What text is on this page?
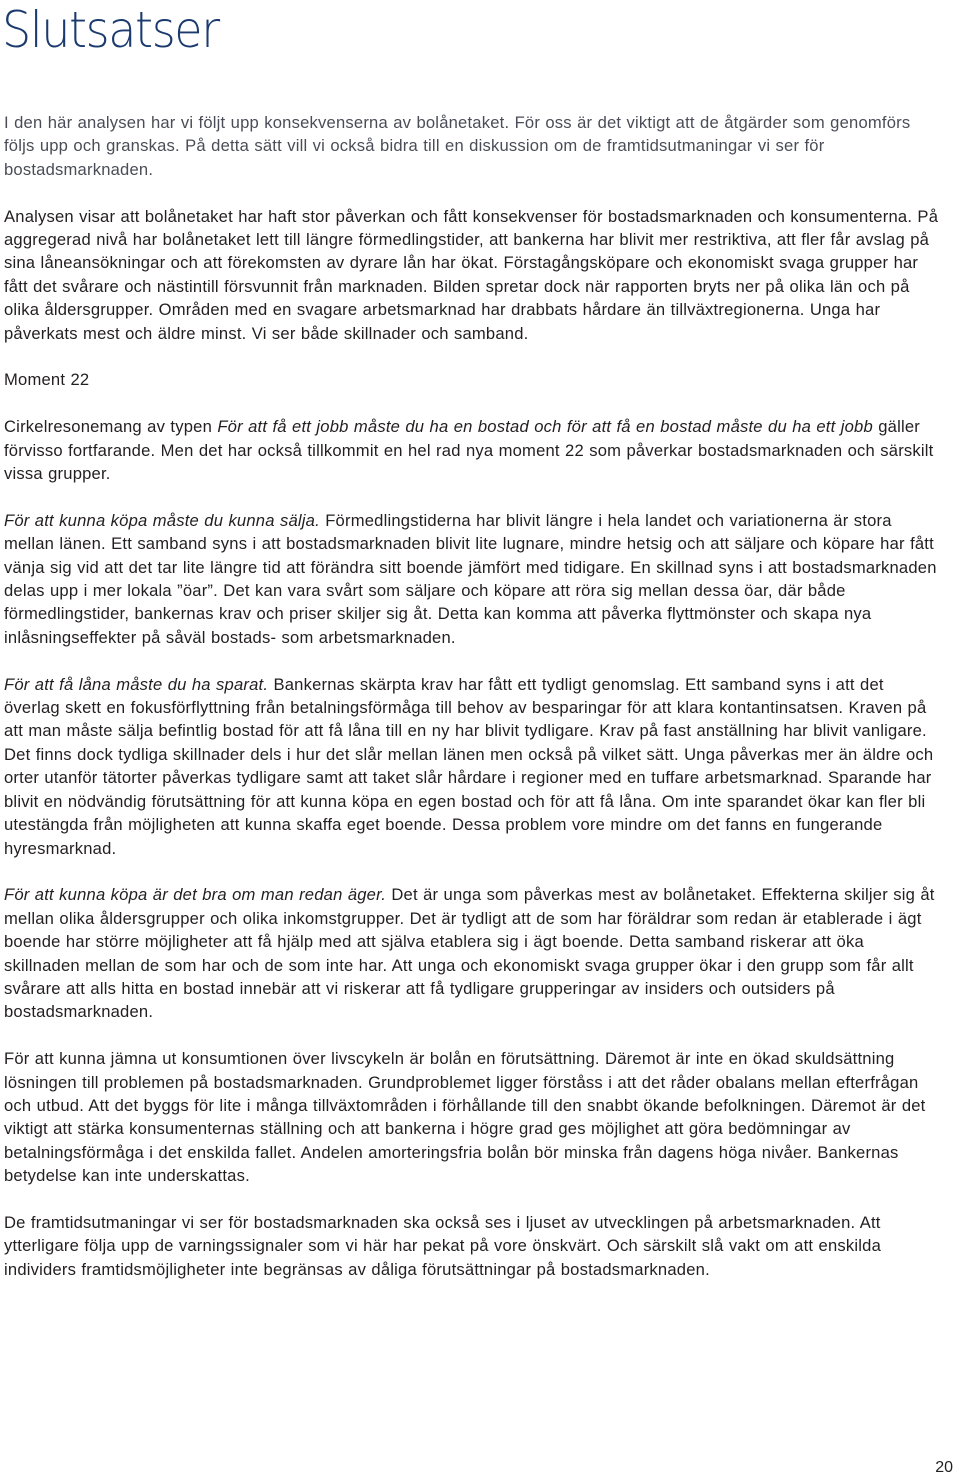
Slutsatser

I den här analysen har vi följt upp konsekvenserna av bolånetaket. För oss är det viktigt att de åtgärder som genomförs följs upp och granskas. På detta sätt vill vi också bidra till en diskussion om de framtidsutmaningar vi ser för bostadsmarknaden.

Analysen visar att bolånetaket har haft stor påverkan och fått konsekvenser för bostadsmarknaden och konsumenterna. På aggregerad nivå har bolånetaket lett till längre förmedlingstider, att bankerna har blivit mer restriktiva, att fler får avslag på sina låneansökningar och att förekomsten av dyrare lån har ökat. Förstagångsköpare och ekonomiskt svaga grupper har fått det svårare och nästintill försvunnit från marknaden. Bilden spretar dock när rapporten bryts ner på olika län och på olika åldersgrupper. Områden med en svagare arbetsmarknad har drabbats hårdare än tillväxtregionerna. Unga har påverkats mest och äldre minst. Vi ser både skillnader och samband.

Moment 22

Cirkelresonemang av typen För att få ett jobb måste du ha en bostad och för att få en bostad måste du ha ett jobb gäller förvisso fortfarande. Men det har också tillkommit en hel rad nya moment 22 som påverkar bostadsmarknaden och särskilt vissa grupper.

För att kunna köpa måste du kunna sälja. Förmedlingstiderna har blivit längre i hela landet och variationerna är stora mellan länen. Ett samband syns i att bostadsmarknaden blivit lite lugnare, mindre hetsig och att säljare och köpare har fått vänja sig vid att det tar lite längre tid att förändra sitt boende jämfört med tidigare. En skillnad syns i att bostadsmarknaden delas upp i mer lokala ”öar”. Det kan vara svårt som säljare och köpare att röra sig mellan dessa öar, där både förmedlingstider, bankernas krav och priser skiljer sig åt. Detta kan komma att påverka flyttmönster och skapa nya inlåsningseffekter på såväl bostads- som arbetsmarknaden.

För att få låna måste du ha sparat. Bankernas skärpta krav har fått ett tydligt genomslag. Ett samband syns i att det överlag skett en fokusförflyttning från betalningsförmåga till behov av besparingar för att klara kontantinsatsen. Kraven på att man måste sälja befintlig bostad för att få låna till en ny har blivit tydligare. Krav på fast anställning har blivit vanligare. Det finns dock tydliga skillnader dels i hur det slår mellan länen men också på vilket sätt. Unga påverkas mer än äldre och orter utanför tätorter påverkas tydligare samt att taket slår hårdare i regioner med en tuffare arbetsmarknad. Sparande har blivit en nödvändig förutsättning för att kunna köpa en egen bostad och för att få låna. Om inte sparandet ökar kan fler bli utestängda från möjligheten att kunna skaffa eget boende. Dessa problem vore mindre om det fanns en fungerande hyresmarknad.

För att kunna köpa är det bra om man redan äger. Det är unga som påverkas mest av bolånetaket. Effekterna skiljer sig åt mellan olika åldersgrupper och olika inkomstgrupper. Det är tydligt att de som har föräldrar som redan är etablerade i ägt boende har större möjligheter att få hjälp med att själva etablera sig i ägt boende. Detta samband riskerar att öka skillnaden mellan de som har och de som inte har. Att unga och ekonomiskt svaga grupper ökar i den grupp som får allt svårare att alls hitta en bostad innebär att vi riskerar att få tydligare grupperingar av insiders och outsiders på bostadsmarknaden.

För att kunna jämna ut konsumtionen över livscykeln är bolån en förutsättning. Däremot är inte en ökad skuldsättning lösningen till problemen på bostadsmarknaden. Grundproblemet ligger förståss i att det råder obalans mellan efterfrågan och utbud. Att det byggs för lite i många tillväxtområden i förhållande till den snabbt ökande befolkningen. Däremot är det viktigt att stärka konsumenternas ställning och att bankerna i högre grad ges möjlighet att göra bedömningar av betalningsförmåga i det enskilda fallet. Andelen amorteringsfria bolån bör minska från dagens höga nivåer. Bankernas betydelse kan inte underskattas.

De framtidsutmaningar vi ser för bostadsmarknaden ska också ses i ljuset av utvecklingen på arbetsmarknaden. Att ytterligare följa upp de varningssignaler som vi här har pekat på vore önskvärt. Och särskilt slå vakt om att enskilda individers framtidsmöjligheter inte begränsas av dåliga förutsättningar på bostadsmarknaden.

20
